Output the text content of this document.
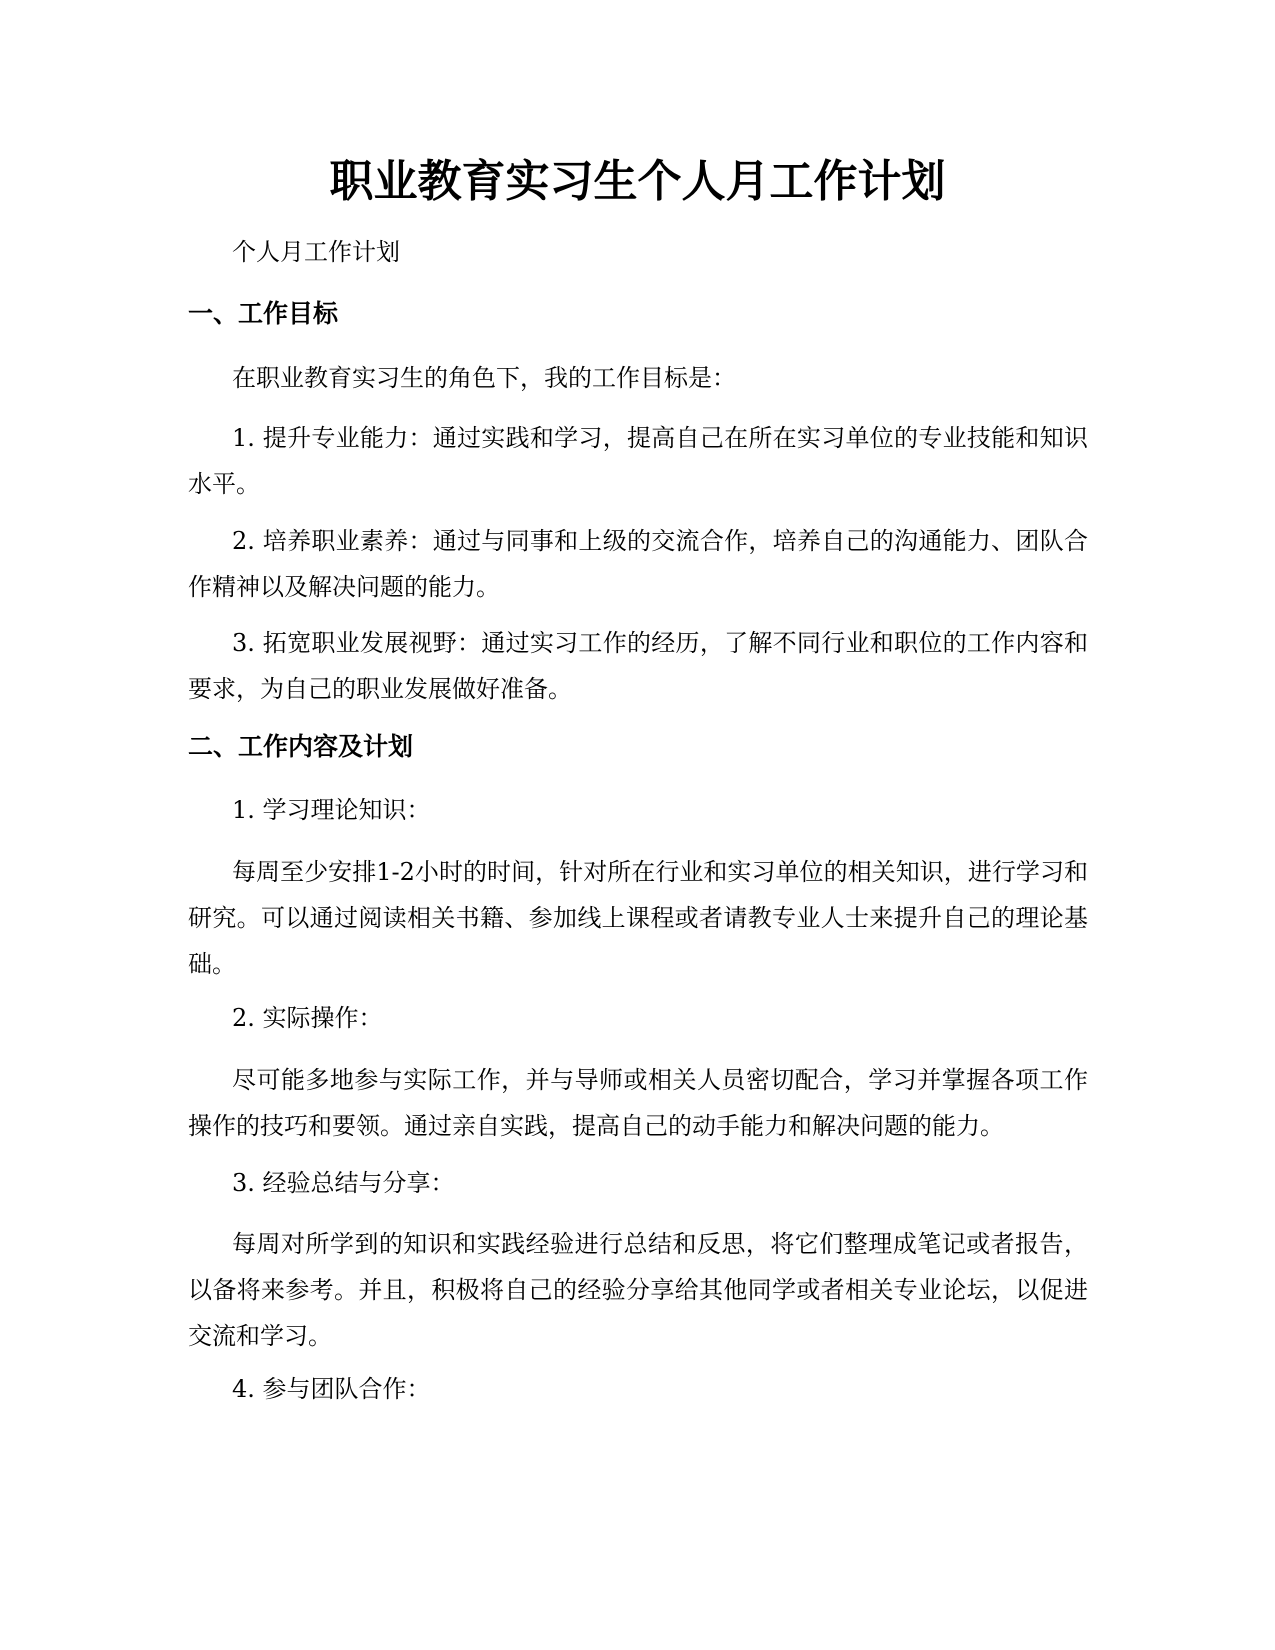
职业教育实习生个人月工作计划

个人月工作计划

一、工作目标

在职业教育实习生的角色下，我的工作目标是：

1. 提升专业能力：通过实践和学习，提高自己在所在实习单位的专业技能和知识水平。

2. 培养职业素养：通过与同事和上级的交流合作，培养自己的沟通能力、团队合作精神以及解决问题的能力。

3. 拓宽职业发展视野：通过实习工作的经历，了解不同行业和职位的工作内容和要求，为自己的职业发展做好准备。

二、工作内容及计划

1. 学习理论知识：

每周至少安排1-2小时的时间，针对所在行业和实习单位的相关知识，进行学习和研究。可以通过阅读相关书籍、参加线上课程或者请教专业人士来提升自己的理论基础。

2. 实际操作：

尽可能多地参与实际工作，并与导师或相关人员密切配合，学习并掌握各项工作操作的技巧和要领。通过亲自实践，提高自己的动手能力和解决问题的能力。

3. 经验总结与分享：

每周对所学到的知识和实践经验进行总结和反思，将它们整理成笔记或者报告，以备将来参考。并且，积极将自己的经验分享给其他同学或者相关专业论坛，以促进交流和学习。

4. 参与团队合作：
